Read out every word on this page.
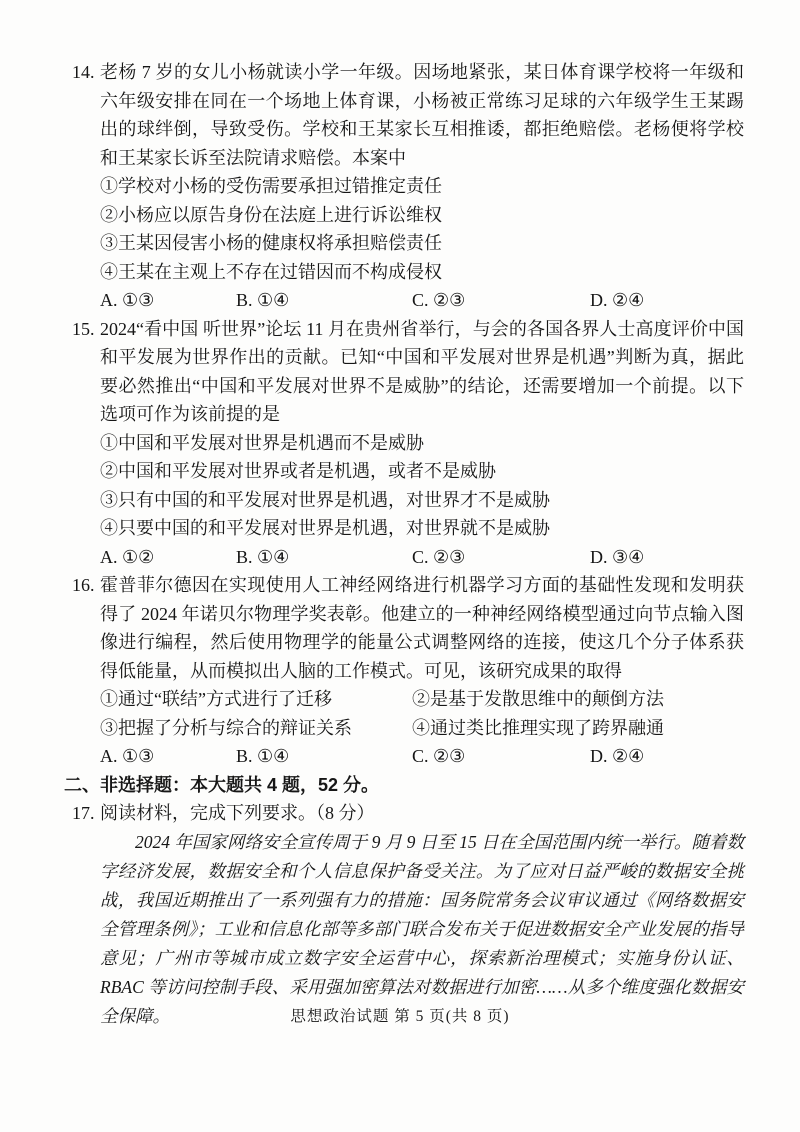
14. 老杨 7 岁的女儿小杨就读小学一年级。因场地紧张，某日体育课学校将一年级和六年级安排在同在一个场地上体育课，小杨被正常练习足球的六年级学生王某踢出的球绊倒，导致受伤。学校和王某家长互相推诿，都拒绝赔偿。老杨便将学校和王某家长诉至法院请求赔偿。本案中
①学校对小杨的受伤需要承担过错推定责任
②小杨应以原告身份在法庭上进行诉讼维权
③王某因侵害小杨的健康权将承担赔偿责任
④王某在主观上不存在过错因而不构成侵权
A. ①③	B. ①④	C. ②③	D. ②④
15. 2024“看中国 听世界”论坛 11 月在贵州省举行，与会的各国各界人士高度评价中国和平发展为世界作出的贡献。已知“中国和平发展对世界是机遇”判断为真，据此要必然推出“中国和平发展对世界不是威胁”的结论，还需要增加一个前提。以下选项可作为该前提的是
①中国和平发展对世界是机遇而不是威胁
②中国和平发展对世界或者是机遇，或者不是威胁
③只有中国的和平发展对世界是机遇，对世界才不是威胁
④只要中国的和平发展对世界是机遇，对世界就不是威胁
A. ①②	B. ①④	C. ②③	D. ③④
16. 霍普菲尔德因在实现使用人工神经网络进行机器学习方面的基础性发现和发明获得了 2024 年诺贝尔物理学奖表彰。他建立的一种神经网络模型通过向节点输入图像进行编程，然后使用物理学的能量公式调整网络的连接，使这几个分子体系获得低能量，从而模拟出人脑的工作模式。可见，该研究成果的取得
①通过“联结”方式进行了迁移	②是基于发散思维中的颠倒方法
③把握了分析与综合的辩证关系	④通过类比推理实现了跨界融通
A. ①③	B. ①④	C. ②③	D. ②④
二、非选择题：本大题共 4 题，52 分。
17. 阅读材料，完成下列要求。（8 分）
2024 年国家网络安全宣传周于 9 月 9 日至 15 日在全国范围内统一举行。随着数字经济发展，数据安全和个人信息保护备受关注。为了应对日益严峻的数据安全挑战，我国近期推出了一系列强有力的措施：国务院常务会议审议通过《网络数据安全管理条例》；工业和信息化部等多部门联合发布关于促进数据安全产业发展的指导意见；广州市等城市成立数字安全运营中心，探索新治理模式；实施身份认证、RBAC 等访问控制手段、采用强加密算法对数据进行加密……从多个维度强化数据安全保障。	思想政治试题 第 5 页(共 8 页)
